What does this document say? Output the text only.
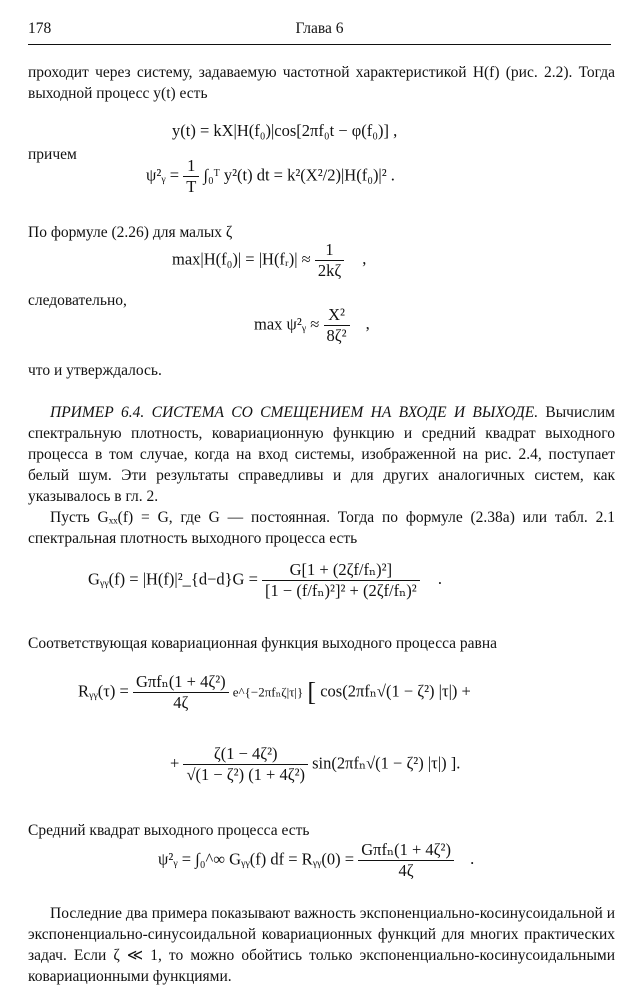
178	Глава 6
проходит через систему, задаваемую частотной характеристикой H(f) (рис. 2.2). Тогда выходной процесс y(t) есть
y(t) = kX|H(f₀)|cos[2πf₀t − φ(f₀)] ,
причем
ψ²ᵧ = $\frac{1}{T}$ ∫₀ᵀ y²(t) dt = k²(X²/2)|H(f₀)|² .
По формуле (2.26) для малых ζ
max|H(f₀)| = |H(fᵣ)| ≈ $\frac{1}{2k\zeta}$ ,
следовательно,
max ψ²ᵧ ≈ $\frac{\text{X²}}{\text{8ζ²}}$ ,
что и утверждалось.
ПРИМЕР 6.4. СИСТЕМА СО СМЕЩЕНИЕМ НА ВХОДЕ И ВЫХОДЕ. Вычислим спектральную плотность, ковариационную функцию и средний квадрат выходного процесса в том случае, когда на вход системы, изображенной на рис. 2.4, поступает белый шум. Эти результаты справедливы и для других аналогичных систем, как указывалось в гл. 2.
Пусть Gₓₓ(f) = G, где G — постоянная. Тогда по формуле (2.38a) или табл. 2.1 спектральная плотность выходного процесса есть
Gᵧᵧ(f) = |H(f)|²_{d−d}G = $\frac{\text{G[1 + (2ζf/fₙ)²]}}{\text{[1 − (f/fₙ)²]² + (2ζf/fₙ)²}}$ .
Соответствующая ковариационная функция выходного процесса равна
Rᵧᵧ(τ) = $\frac{\text{Gπfₙ(1 + 4ζ²)}}{4\zeta}$ e^{−2πfₙζ|τ|} [ cos(2πfₙ√(1 − ζ²) |τ|) +
+ $\frac{\text{ζ(1 − 4ζ²)}}{\text{√(1 − ζ²) (1 + 4ζ²)}} \sin(2\pi f_n√(1 - \zeta^2)$ |τ|) ].
Средний квадрат выходного процесса есть
ψ²ᵧ = ∫₀^∞ Gᵧᵧ(f) df = Rᵧᵧ(0) = $\frac{\text{Gπfₙ(1 + 4ζ²)}}{4\zeta}$ .
Последние два примера показывают важность экспоненциально-косинусоидальной и экспоненциально-синусоидальной ковариационных функций для многих практических задач. Если ζ ≪ 1, то можно обойтись только экспоненциально-косинусоидальными ковариационными функциями.
